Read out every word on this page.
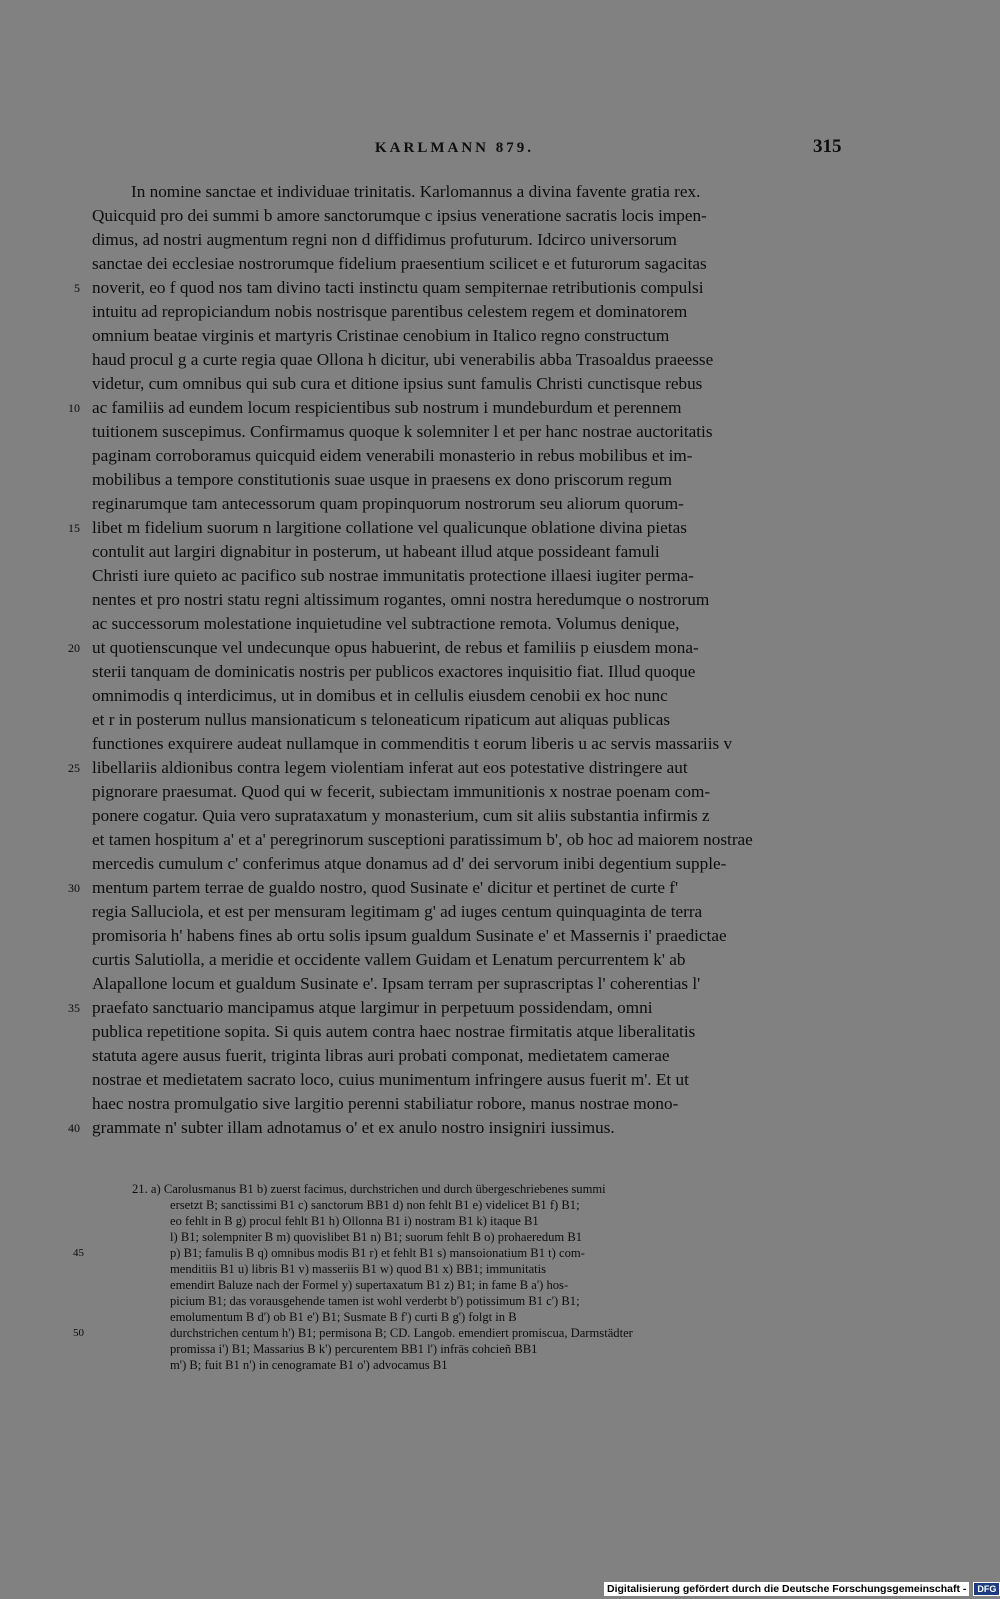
KARLMANN 879.	315
In nomine sanctae et individuae trinitatis. Karlomannus a divina favente gratia rex.
Quicquid pro dei summi b amore sanctorumque c ipsius veneratione sacratis locis impen-
dimus, ad nostri augmentum regni non d diffidimus profuturum. Idcirco universorum
sanctae dei ecclesiae nostrorumque fidelium praesentium scilicet e et futurorum sagacitas
noverit, eo f quod nos tam divino tacti instinctu quam sempiternae retributionis compulsi
intuitu ad repropiciandum nobis nostrisque parentibus celestem regem et dominatorem
omnium beatae virginis et martyris Cristinae cenobium in Italico regno constructum
haud procul g a curte regia quae Ollona h dicitur, ubi venerabilis abba Trasoaldus praeesse
videtur, cum omnibus qui sub cura et ditione ipsius sunt famulis Christi cunctisque rebus
ac familiis ad eundem locum respicientibus sub nostrum i mundeburdum et perennem
tuitionem suscepimus. Confirmamus quoque k solemniter l et per hanc nostrae auctoritatis
paginam corroboramus quicquid eidem venerabili monasterio in rebus mobilibus et im-
mobilibus a tempore constitutionis suae usque in praesens ex dono priscorum regum
reginarumque tam antecessorum quam propinquorum nostrorum seu aliorum quorum-
libet m fidelium suorum n largitione collatione vel qualicunque oblatione divina pietas
contulit aut largiri dignabitur in posterum, ut habeant illud atque possideant famuli
Christi iure quieto ac pacifico sub nostrae immunitatis protectione illaesi iugiter perma-
nentes et pro nostri statu regni altissimum rogantes, omni nostra heredumque o nostrorum
ac successorum molestatione inquietudine vel subtractione remota. Volumus denique,
ut quotienscunque vel undecunque opus habuerint, de rebus et familiis p eiusdem mona-
sterii tanquam de dominicatis nostris per publicos exactores inquisitio fiat. Illud quoque
omnimodis q interdicimus, ut in domibus et in cellulis eiusdem cenobii ex hoc nunc
et r in posterum nullus mansionaticum s teloneaticum ripaticum aut aliquas publicas
functiones exquirere audeat nullamque in commenditis t eorum liberis u ac servis massariis v
libellariis aldionibus contra legem violentiam inferat aut eos potestative distringere aut
pignorare praesumat. Quod qui w fecerit, subiectam immunitionis x nostrae poenam com-
ponere cogatur. Quia vero suprataxatum y monasterium, cum sit aliis substantia infirmis z
et tamen hospitum a' et a' peregrinorum susceptioni paratissimum b', ob hoc ad maiorem nostrae
mercedis cumulum c' conferimus atque donamus ad d' dei servorum inibi degentium supple-
mentum partem terrae de gualdo nostro, quod Susinate e' dicitur et pertinet de curte f'
regia Salluciola, et est per mensuram legitimam g' ad iuges centum quinquaginta de terra
promisoria h' habens fines ab ortu solis ipsum gualdum Susinate e' et Massernis i' praedictae
curtis Salutiolla, a meridie et occidente vallem Guidam et Lenatum percurrentem k' ab
Alapallone locum et gualdum Susinate e'. Ipsam terram per suprascriptas l' coherentias l'
praefato sanctuario mancipamus atque largimur in perpetuum possidendam, omni
publica repetitione sopita. Si quis autem contra haec nostrae firmitatis atque liberalitatis
statuta agere ausus fuerit, triginta libras auri probati componat, medietatem camerae
nostrae et medietatem sacrato loco, cuius munimentum infringere ausus fuerit m'. Et ut
haec nostra promulgatio sive largitio perenni stabiliatur robore, manus nostrae mono-
grammate n' subter illam adnotamus o' et ex anulo nostro insigniri iussimus.
5
10
15
20
25
30
35
40
21. a) Carolusmanus B1 b) zuerst facimus, durchstrichen und durch übergeschriebenes summi
ersetzt B; sanctissimi B1 c) sanctorum BB1 d) non fehlt B1 e) videlicet B1 f) B1;
eo fehlt in B g) procul fehlt B1 h) Ollonna B1 i) nostram B1 k) itaque B1
l) B1; solempniter B m) quovislibet B1 n) B1; suorum fehlt B o) prohaeredum B1
p) B1; famulis B q) omnibus modis B1 r) et fehlt B1 s) mansoionatium B1 t) com-
menditiis B1 u) libris B1 v) masseriis B1 w) quod B1 x) BB1; immunitatis
emendirt Baluze nach der Formel y) supertaxatum B1 z) B1; in fame B a') hos-
picium B1; das vorausgehende tamen ist wohl verderbt b') potissimum B1 c') B1;
emolumentum B d') ob B1 e') B1; Susmate B f') curti B g') folgt in B
durchstrichen centum h') B1; permisona B; CD. Langob. emendiert promiscua, Darmstädter
promissa i') B1; Massarius B k') percurentem BB1 l') infrās cohcieñ BB1
m') B; fuit B1 n') in cenogramate B1 o') advocamus B1
45
50
Digitalisierung gefördert durch die Deutsche Forschungsgemeinschaft -	DFG
